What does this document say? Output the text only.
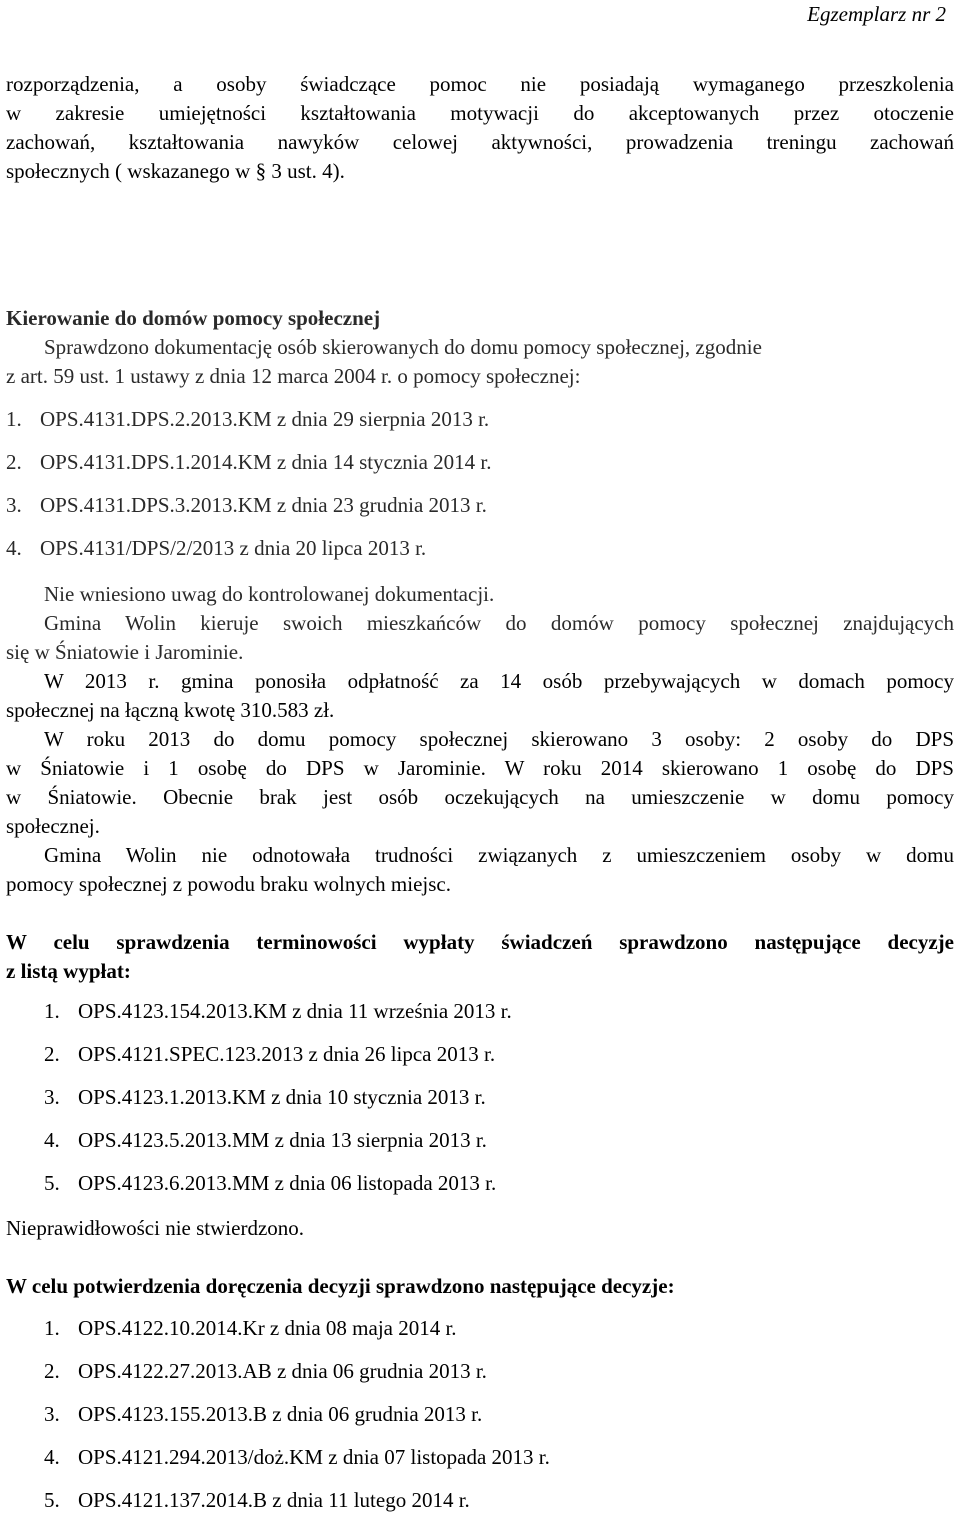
Egzemplarz nr 2
rozporządzenia, a osoby świadczące pomoc nie posiadają wymaganego przeszkolenia
w zakresie umiejętności kształtowania motywacji do akceptowanych przez otoczenie
zachowań, kształtowania nawyków celowej aktywności, prowadzenia treningu zachowań
społecznych ( wskazanego w § 3 ust. 4).
Kierowanie do domów pomocy społecznej
Sprawdzono dokumentację osób skierowanych do domu pomocy społecznej, zgodnie
z art. 59 ust. 1 ustawy z dnia 12 marca 2004 r. o pomocy społecznej:
1. OPS.4131.DPS.2.2013.KM z dnia 29 sierpnia 2013 r.
2. OPS.4131.DPS.1.2014.KM z dnia 14 stycznia 2014 r.
3. OPS.4131.DPS.3.2013.KM z dnia 23 grudnia 2013 r.
4. OPS.4131/DPS/2/2013 z dnia 20 lipca 2013 r.
Nie wniesiono uwag do kontrolowanej dokumentacji.
Gmina Wolin kieruje swoich mieszkańców do domów pomocy społecznej znajdujących
się w Śniatowie i Jarominie.
W 2013 r. gmina ponosiła odpłatność za 14 osób przebywających w domach pomocy
społecznej na łączną kwotę 310.583 zł.
W roku 2013 do domu pomocy społecznej skierowano 3 osoby: 2 osoby do DPS
w Śniatowie i 1 osobę do DPS w Jarominie. W roku 2014 skierowano 1 osobę do DPS
w Śniatowie. Obecnie brak jest osób oczekujących na umieszczenie w domu pomocy
społecznej.
Gmina Wolin nie odnotowała trudności związanych z umieszczeniem osoby w domu
pomocy społecznej z powodu braku wolnych miejsc.
W celu sprawdzenia terminowości wypłaty świadczeń sprawdzono następujące decyzje
z listą wypłat:
1. OPS.4123.154.2013.KM z dnia 11 września 2013 r.
2. OPS.4121.SPEC.123.2013 z dnia 26 lipca 2013 r.
3. OPS.4123.1.2013.KM z dnia 10 stycznia 2013 r.
4. OPS.4123.5.2013.MM z dnia 13 sierpnia 2013 r.
5. OPS.4123.6.2013.MM z dnia 06 listopada 2013 r.
Nieprawidłowości nie stwierdzono.
W celu potwierdzenia doręczenia decyzji sprawdzono następujące decyzje:
1. OPS.4122.10.2014.Kr z dnia 08 maja 2014 r.
2. OPS.4122.27.2013.AB z dnia 06 grudnia 2013 r.
3. OPS.4123.155.2013.B z dnia 06 grudnia 2013 r.
4. OPS.4121.294.2013/doż.KM z dnia 07 listopada 2013 r.
5. OPS.4121.137.2014.B z dnia 11 lutego 2014 r.
